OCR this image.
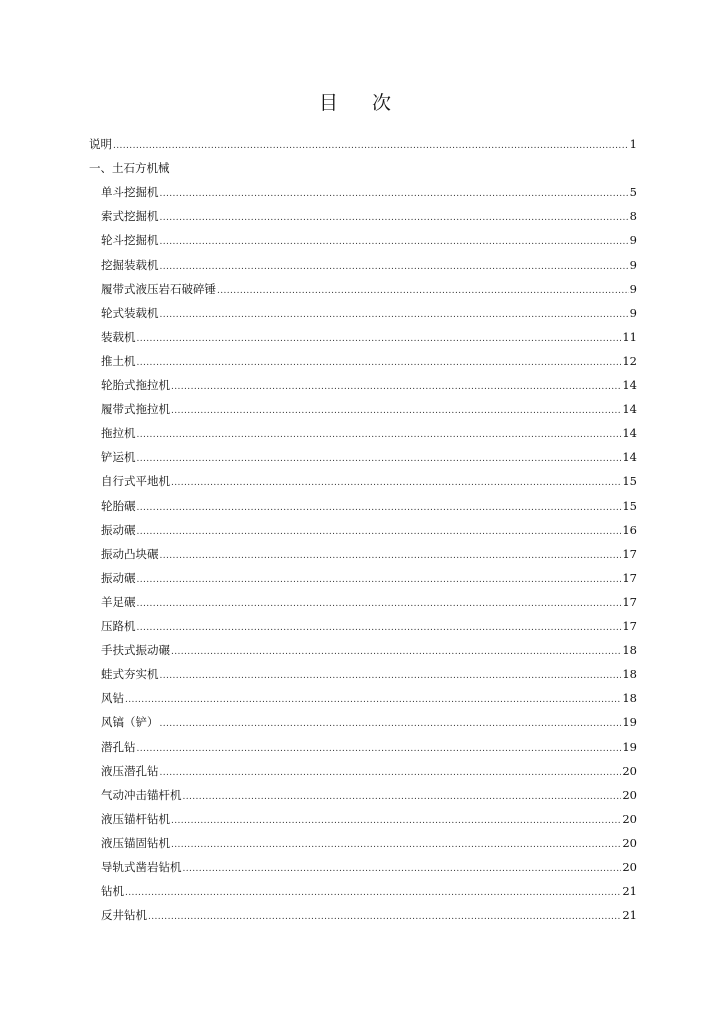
目 次
说明 .....	1
一、土石方机械
单斗挖掘机 .....	5
索式挖掘机 .....	8
轮斗挖掘机 .....	9
挖掘装载机 .....	9
履带式液压岩石破碎锤 .....	9
轮式装载机 .....	9
装载机 .....	11
推土机 .....	12
轮胎式拖拉机 .....	14
履带式拖拉机 .....	14
拖拉机 .....	14
铲运机 .....	14
自行式平地机 .....	15
轮胎碾 .....	15
振动碾 .....	16
振动凸块碾 .....	17
振动碾 .....	17
羊足碾 .....	17
压路机 .....	17
手扶式振动碾 .....	18
蛙式夯实机 .....	18
风钻 .....	18
风镐（铲） .....	19
潜孔钻 .....	19
液压潜孔钻 .....	20
气动冲击锚杆机 .....	20
液压锚杆钻机 .....	20
液压锚固钻机 .....	20
导轨式凿岩钻机 .....	20
钻机 .....	21
反井钻机 .....	21
